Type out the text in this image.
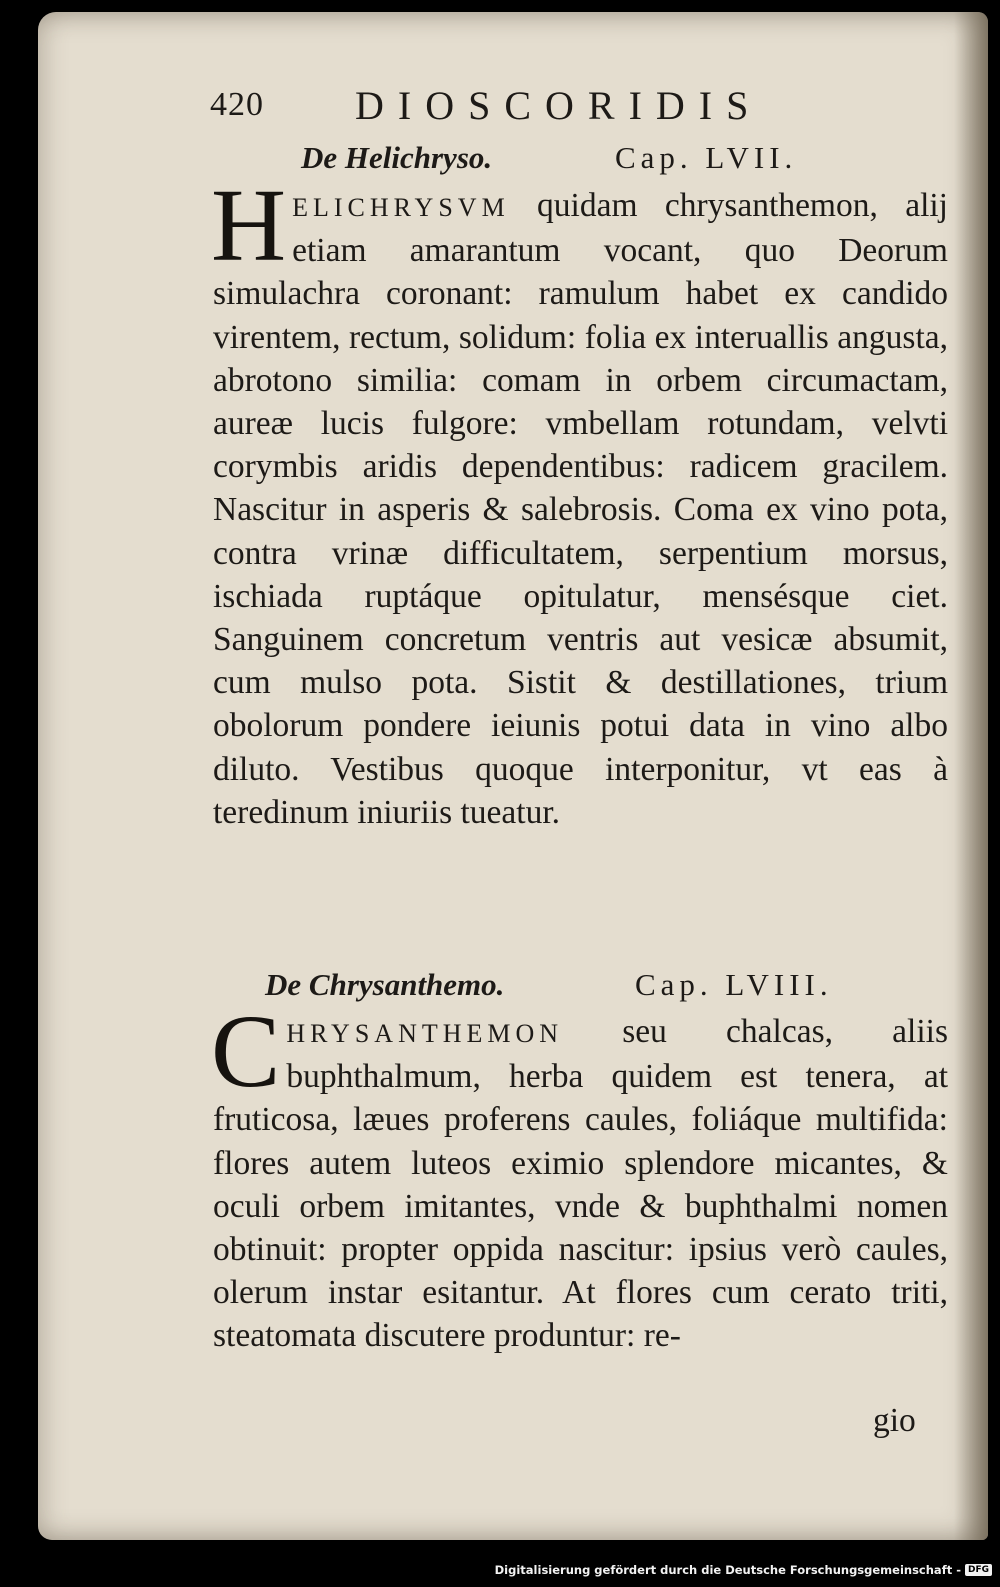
420 DIOSCORIDIS
De Helichryso.	Cap. LVII.
HELICHRYSVM quidam chrysanthemon, alij etiam amarantum vocant, quo Deorum simulachra coronant: ramulum habet ex candido virentem, rectum, solidum: folia ex interuallis angusta, abrotono similia: comam in orbem circumactam, aureæ lucis fulgore: vmbellam rotundam, velvti corymbis aridis dependentibus: radicem gracilem. Nascitur in asperis & salebrosis. Coma ex vino pota, contra vrinæ difficultatem, serpentium morsus, ischiada ruptáque opitulatur, mensésque ciet. Sanguinem concretum ventris aut vesicæ absumit, cum mulso pota. Sistit & destillationes, trium obolorum pondere ieiunis potui data in vino albo diluto. Vestibus quoque interponitur, vt eas à teredinum iniuriis tueatur.
De Chrysanthemo.	Cap. LVIII.
CHRYSANTHEMON seu chalcas, aliis buphthalmum, herba quidem est tenera, at fruticosa, læues proferens caules, foliáque multifida: flores autem luteos eximio splendore micantes, & oculi orbem imitantes, vnde & buphthalmi nomen obtinuit: propter oppida nascitur: ipsius verò caules, olerum instar esitantur. At flores cum cerato triti, steatomata discutere produntur: re-
gio
Digitalisierung gefördert durch die Deutsche Forschungsgemeinschaft - DFG
